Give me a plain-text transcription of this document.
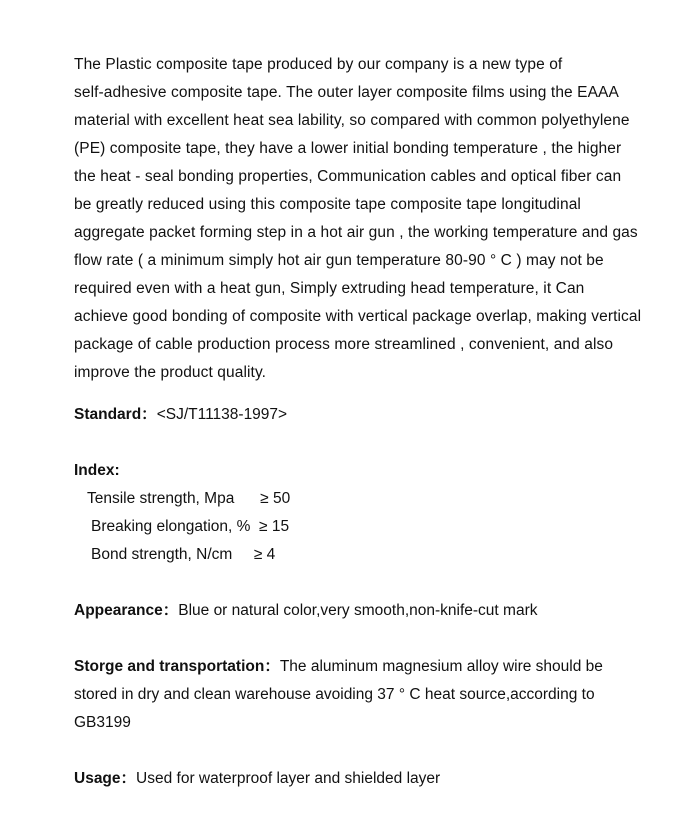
The Plastic composite tape produced by our company is a new type of
self-adhesive composite tape. The outer layer composite films using the EAAA
material with excellent heat sea lability, so compared with common polyethylene
(PE) composite tape, they have a lower initial bonding temperature , the higher
the heat - seal bonding properties, Communication cables and optical fiber can
be greatly reduced using this composite tape composite tape longitudinal
aggregate packet forming step in a hot air gun , the working temperature and gas
flow rate ( a minimum simply hot air gun temperature 80-90 ° C ) may not be
required even with a heat gun, Simply extruding head temperature, it Can
achieve good bonding of composite with vertical package overlap, making vertical
package of cable production process more streamlined , convenient, and also
improve the product quality.

Standard：<SJ/T11138-1997>

Index:
Tensile strength, Mpa      ≥ 50
Breaking elongation, %  ≥ 15
Bond strength, N/cm     ≥ 4

Appearance：Blue or natural color,very smooth,non-knife-cut mark

Storge and transportation：The aluminum magnesium alloy wire should be
stored in dry and clean warehouse avoiding 37 ° C heat source,according to
GB3199

Usage：Used for waterproof layer and shielded layer
